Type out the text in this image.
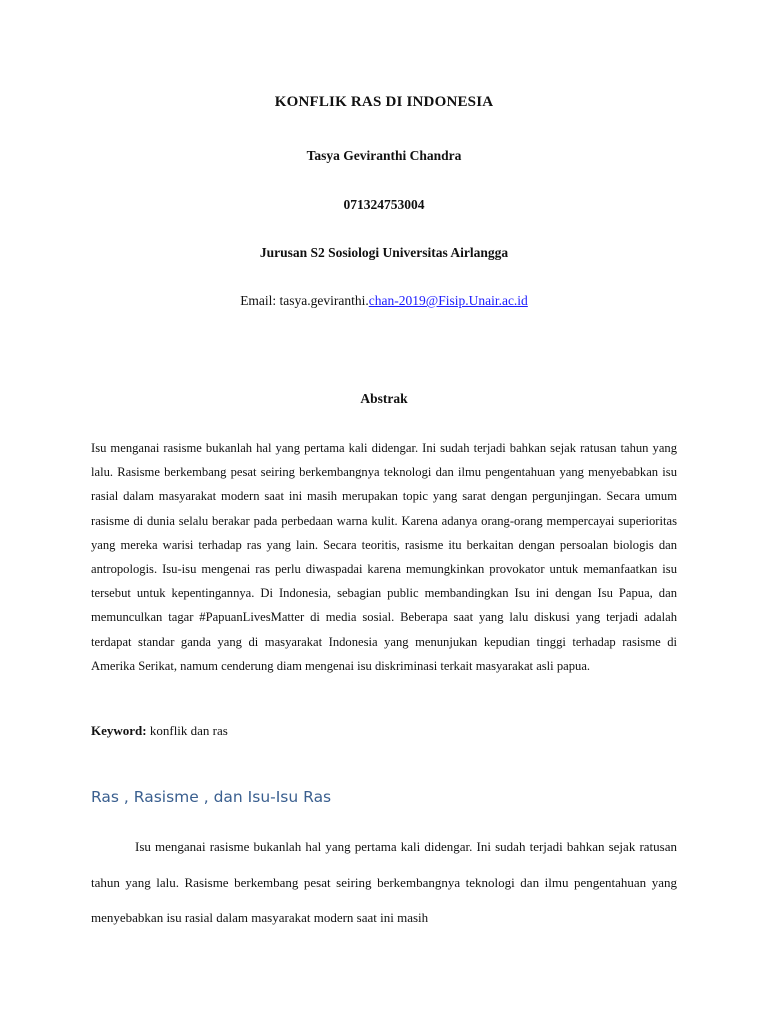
KONFLIK RAS DI INDONESIA
Tasya Geviranthi Chandra
071324753004
Jurusan S2 Sosiologi Universitas Airlangga
Email: tasya.geviranthi.chan-2019@Fisip.Unair.ac.id
Abstrak
Isu menganai rasisme bukanlah hal yang pertama kali didengar. Ini sudah terjadi bahkan sejak ratusan tahun yang lalu. Rasisme berkembang pesat seiring berkembangnya teknologi dan ilmu pengentahuan yang menyebabkan isu rasial dalam masyarakat modern saat ini masih merupakan topic yang sarat dengan pergunjingan. Secara umum rasisme di dunia selalu berakar pada perbedaan warna kulit. Karena adanya orang-orang mempercayai superioritas yang mereka warisi terhadap ras yang lain. Secara teoritis, rasisme itu berkaitan dengan persoalan biologis dan antropologis. Isu-isu mengenai ras perlu diwaspadai karena memungkinkan provokator untuk memanfaatkan isu tersebut untuk kepentingannya. Di Indonesia, sebagian public membandingkan Isu ini dengan Isu Papua, dan memunculkan tagar #PapuanLivesMatter di media sosial. Beberapa saat yang lalu diskusi yang terjadi adalah terdapat standar ganda yang di masyarakat Indonesia yang menunjukan kepudian tinggi terhadap rasisme di Amerika Serikat, namum cenderung diam mengenai isu diskriminasi terkait masyarakat asli papua.
Keyword: konflik dan ras
Ras , Rasisme , dan Isu-Isu Ras
Isu menganai rasisme bukanlah hal yang pertama kali didengar. Ini sudah terjadi bahkan sejak ratusan tahun yang lalu. Rasisme berkembang pesat seiring berkembangnya teknologi dan ilmu pengentahuan yang menyebabkan isu rasial dalam masyarakat modern saat ini masih
